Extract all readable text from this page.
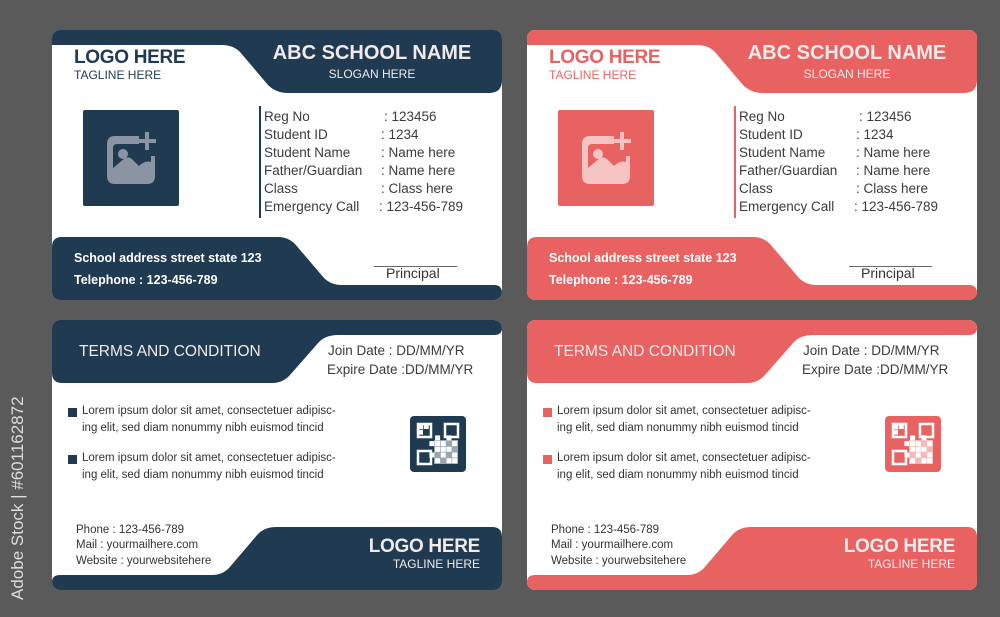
Adobe Stock | #601162872
LOGO HERE
TAGLINE HERE
ABC SCHOOL NAME
SLOGAN HERE
Reg No	: 123456
Student ID	: 1234
Student Name : Name here
Father/Guardian : Name here
Class	: Class here
Emergency Call : 123-456-789
School address street state 123
Telephone : 123-456-789	Principal
TERMS AND CONDITION	Join Date : DD/MM/YR
Expire Date :DD/MM/YR
Lorem ipsum dolor sit amet, consectetuer adipisc-
ing elit, sed diam nonummy nibh euismod tincid
Lorem ipsum dolor sit amet, consectetuer adipisc-
ing elit, sed diam nonummy nibh euismod tincid
Phone : 123-456-789
Mail : yourmailhere.com
Website : yourwebsitehere
LOGO HERE
TAGLINE HERE
LOGO HERE
TAGLINE HERE
ABC SCHOOL NAME
SLOGAN HERE
Reg No	: 123456
Student ID	: 1234
Student Name : Name here
Father/Guardian : Name here
Class	: Class here
Emergency Call : 123-456-789
School address street state 123
Telephone : 123-456-789	Principal
TERMS AND CONDITION	Join Date : DD/MM/YR
Expire Date :DD/MM/YR
Lorem ipsum dolor sit amet, consectetuer adipisc-
ing elit, sed diam nonummy nibh euismod tincid
Lorem ipsum dolor sit amet, consectetuer adipisc-
ing elit, sed diam nonummy nibh euismod tincid
Phone : 123-456-789
Mail : yourmailhere.com
Website : yourwebsitehere
LOGO HERE
TAGLINE HERE
